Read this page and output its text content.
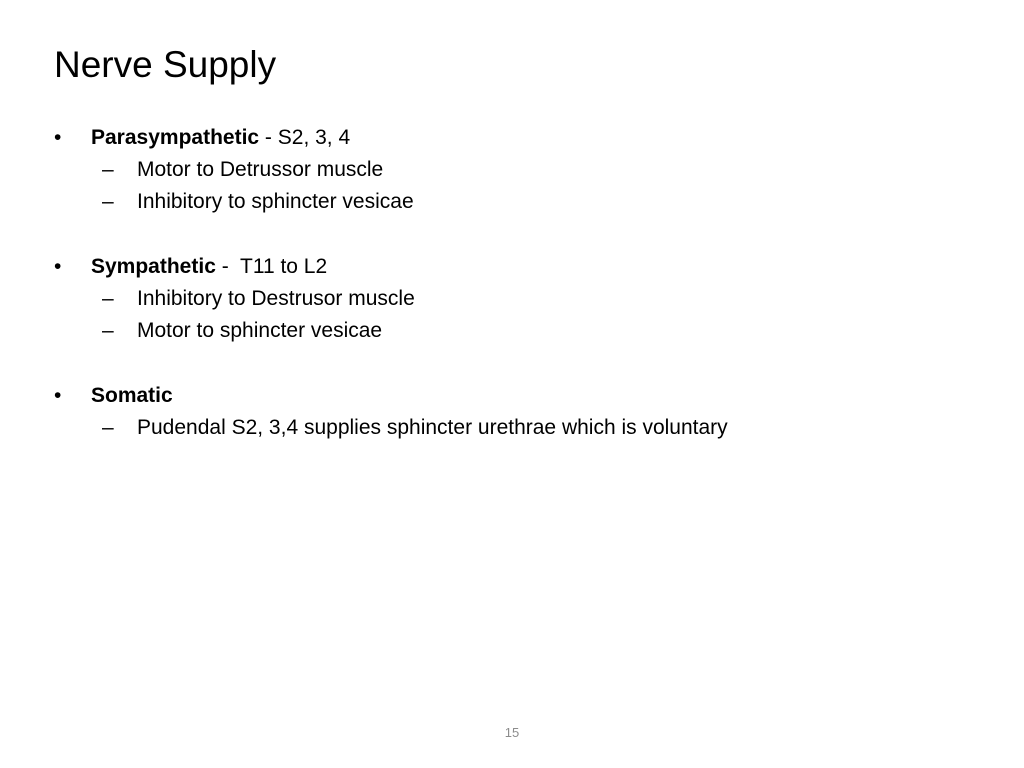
Nerve Supply
•	Parasympathetic - S2, 3, 4
– Motor to Detrussor muscle
– Inhibitory to sphincter vesicae
•	Sympathetic -  T11 to L2
– Inhibitory to Destrusor muscle
– Motor to sphincter vesicae
•	Somatic
– Pudendal S2, 3,4 supplies sphincter urethrae which is voluntary
15
